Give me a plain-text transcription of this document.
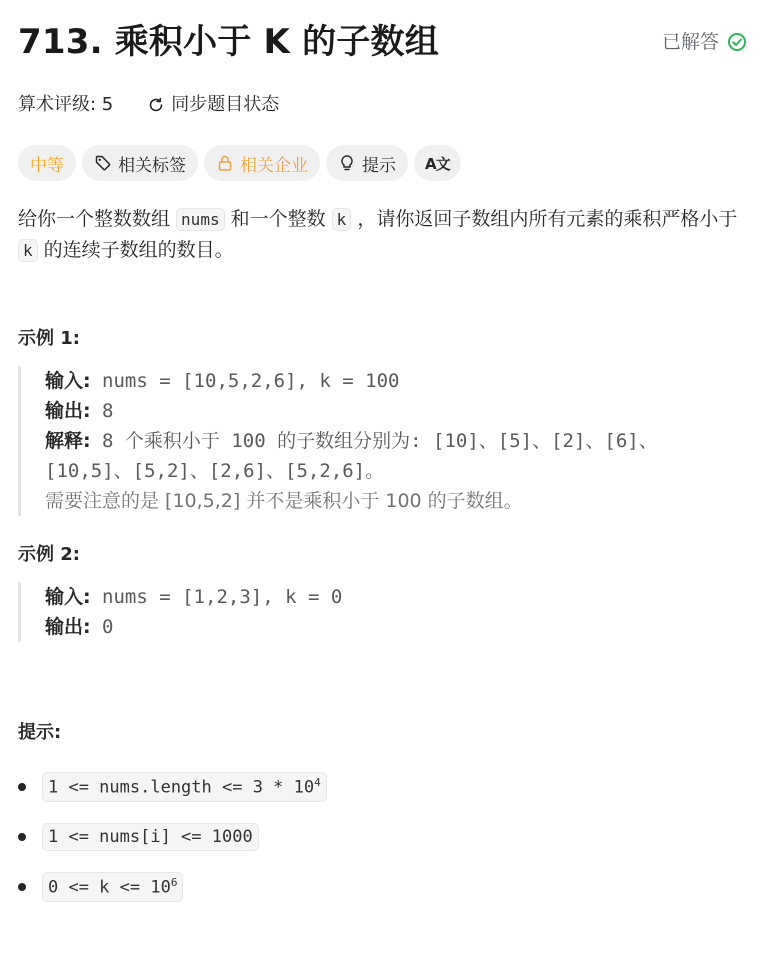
713. 乘积小于 K 的子数组	已解答
算术评级: 5	同步题目状态
中等	相关标签	相关企业	提示 A文

给你一个整数数组 nums 和一个整数 k ，请你返回子数组内所有元素的乘积严格小于 k 的连续子数组的数目。

示例 1:
输入: nums = [10,5,2,6], k = 100
输出: 8
解释: 8 个乘积小于 100 的子数组分别为: [10]、[5]、[2]、[6]、
[10,5]、[5,2]、[2,6]、[5,2,6]。
需要注意的是 [10,5,2] 并不是乘积小于 100 的子数组。
示例 2:
输入: nums = [1,2,3], k = 0
输出: 0
提示:
1 <= nums.length <= $3 * 10^4$
1 <= nums[i] <= 1000
$0 <= k <= 10^6$
